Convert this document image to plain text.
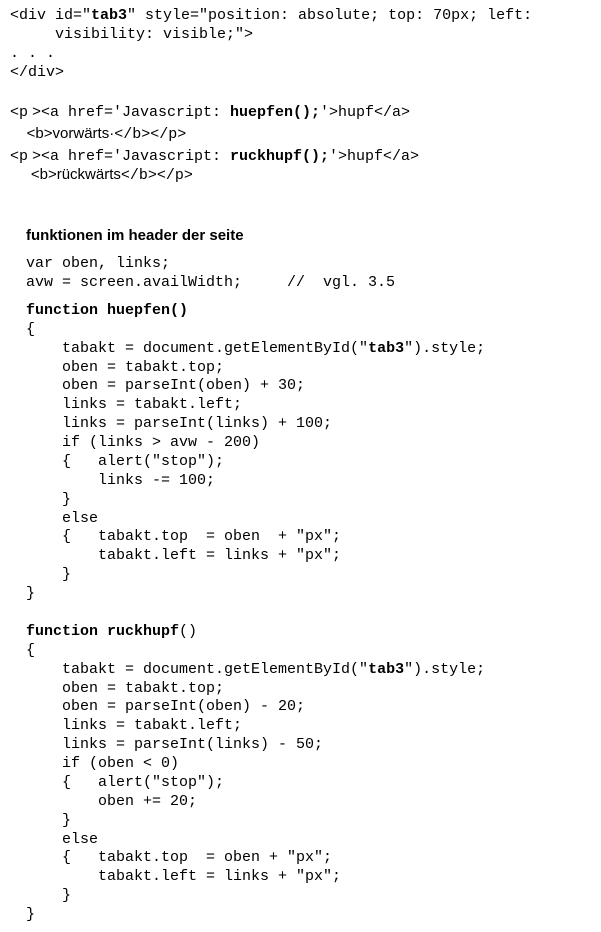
funktionen im header der seite
<div id="tab3" style="position: absolute; top: 70px; left:
visibility: visible;">
. . .
</div>
<p ><a href='Javascript: huepfen();'>hupf</a>
<b>vorwärts·</b></p>
<p ><a href='Javascript: ruckhupf();'>hupf</a>
<b>rückwärts</b></p>
var oben, links;
avw = screen.availWidth;     //  vgl. 3.5
function huepfen()
{
tabakt = document.getElementById("tab3").style;
oben = tabakt.top;
oben = parseInt(oben) + 30;
links = tabakt.left;
links = parseInt(links) + 100;
if (links > avw - 200)
{   alert("stop");
links -= 100;
}
else
{   tabakt.top  = oben  + "px";
tabakt.left = links + "px";
}
}
function ruckhupf()
{
tabakt = document.getElementById("tab3").style;
oben = tabakt.top;
oben = parseInt(oben) - 20;
links = tabakt.left;
links = parseInt(links) - 50;
if (oben < 0)
{   alert("stop");
oben += 20;
}
else
{   tabakt.top  = oben + "px";
tabakt.left = links + "px";
}
}
